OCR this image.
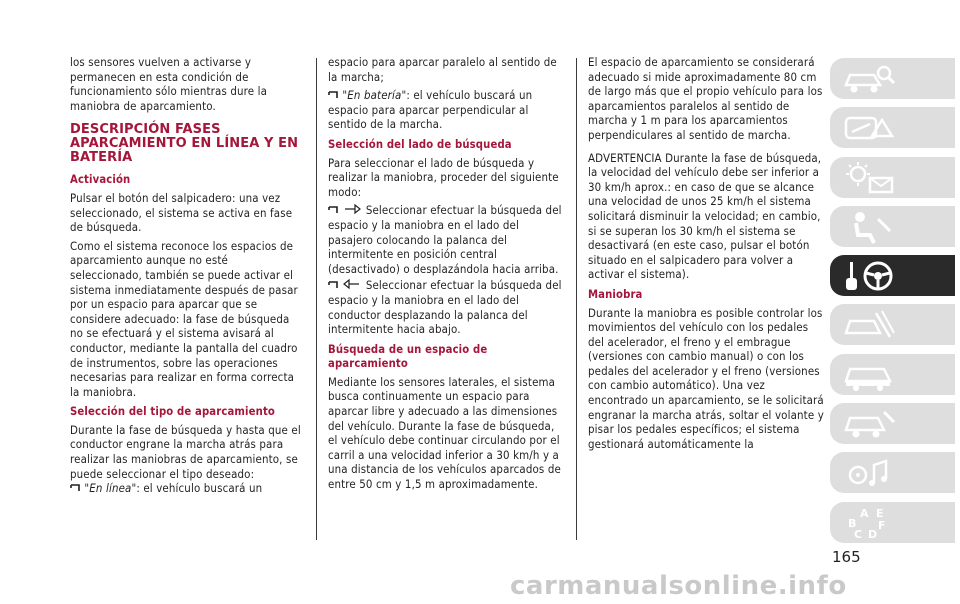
los sensores vuelven a activarse y permanecen en esta condición de funcionamiento sólo mientras dure la maniobra de aparcamiento.

DESCRIPCIÓN FASES APARCAMIENTO EN LÍNEA Y EN BATERÍA
Activación

Pulsar el botón del salpicadero: una vez seleccionado, el sistema se activa en fase de búsqueda.

Como el sistema reconoce los espacios de aparcamiento aunque no esté seleccionado, también se puede activar el sistema inmediatamente después de pasar por un espacio para aparcar que se considere adecuado: la fase de búsqueda no se efectuará y el sistema avisará al conductor, mediante la pantalla del cuadro de instrumentos, sobre las operaciones necesarias para realizar en forma correcta la maniobra.

Selección del tipo de aparcamiento

Durante la fase de búsqueda y hasta que el conductor engrane la marcha atrás para realizar las maniobras de aparcamiento, se puede seleccionar el tipo deseado:

"En línea": el vehículo buscará un

espacio para aparcar paralelo al sentido de la marcha;

"En batería": el vehículo buscará un espacio para aparcar perpendicular al sentido de la marcha.
Selección del lado de búsqueda

Para seleccionar el lado de búsqueda y realizar la maniobra, proceder del siguiente modo:

Seleccionar efectuar la búsqueda del espacio y la maniobra en el lado del pasajero colocando la palanca del intermitente en posición central (desactivado) o desplazándola hacia arriba.
Seleccionar efectuar la búsqueda del espacio y la maniobra en el lado del conductor desplazando la palanca del intermitente hacia abajo.
Búsqueda de un espacio de aparcamiento

Mediante los sensores laterales, el sistema busca continuamente un espacio para aparcar libre y adecuado a las dimensiones del vehículo. Durante la fase de búsqueda, el vehículo debe continuar circulando por el carril a una velocidad inferior a 30 km/h y a una distancia de los vehículos aparcados de entre 50 cm y 1,5 m aproximadamente.

El espacio de aparcamiento se considerará adecuado si mide aproximadamente 80 cm de largo más que el propio vehículo para los aparcamientos paralelos al sentido de marcha y 1 m para los aparcamientos perpendiculares al sentido de marcha.

ADVERTENCIA Durante la fase de búsqueda, la velocidad del vehículo debe ser inferior a 30 km/h aprox.: en caso de que se alcance una velocidad de unos 25 km/h el sistema solicitará disminuir la velocidad; en cambio, si se superan los 30 km/h el sistema se desactivará (en este caso, pulsar el botón situado en el salpicadero para volver a activar el sistema).

Maniobra

Durante la maniobra es posible controlar los movimientos del vehículo con los pedales del acelerador, el freno y el embrague (versiones con cambio manual) o con los pedales del acelerador y el freno (versiones con cambio automático). Una vez encontrado un aparcamiento, se le solicitará engranar la marcha atrás, soltar el volante y pisar los pedales específicos; el sistema gestionará automáticamente la

A
B
C D
E
F
165
carmanualsonline.info
